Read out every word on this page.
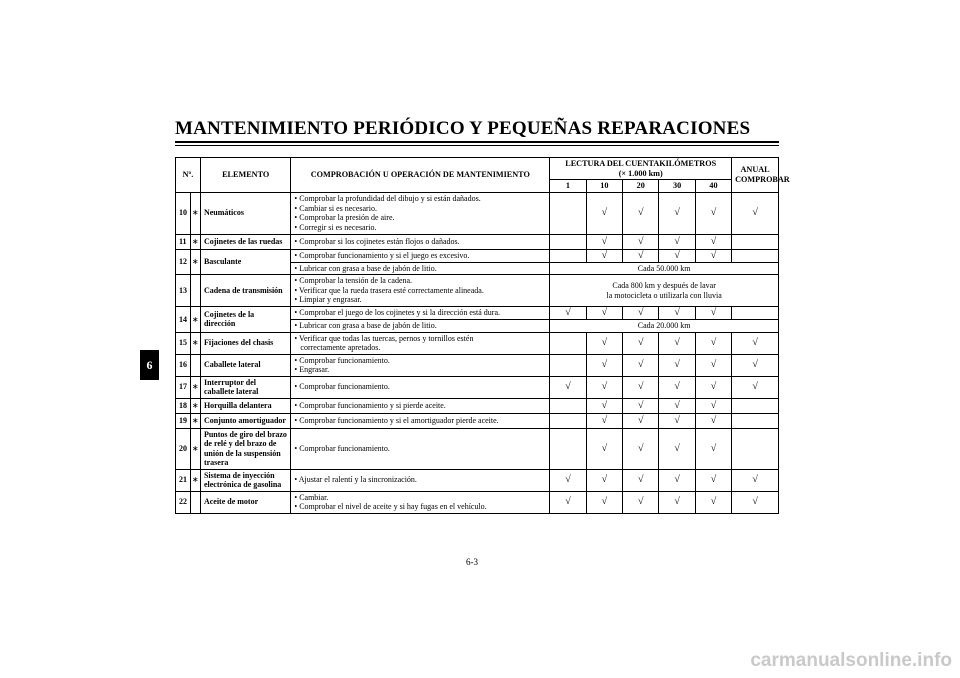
MANTENIMIENTO PERIÓDICO Y PEQUEÑAS REPARACIONES
6
Nº.		ELEMENTO	COMPROBACIÓN U OPERACIÓN DE MANTENIMIENTO	LECTURA DEL CUENTAKILÓMETROS
(× 1.000 km)					ANUAL
COMPROBAR

				1	10	20	30	40	
10	∗	Neumáticos	• Comprobar la profundidad del dibujo y si están dañados.
• Cambiar si es necesario.
• Comprobar la presión de aire.
• Corregir si es necesario.		√	√	√	√	√
11	∗	Cojinetes de las ruedas	• Comprobar si los cojinetes están flojos o dañados.		√	√	√	√	
12	∗	Basculante	• Comprobar funcionamiento y si el juego es excesivo.		√	√	√	√	

			• Lubricar con grasa a base de jabón de litio.	Cada 50.000 km					
13		Cadena de transmisión	• Comprobar la tensión de la cadena.
• Verificar que la rueda trasera esté correctamente alineada.
• Limpiar y engrasar.	Cada 800 km y después de lavar
la motocicleta o utilizarla con lluvia					

14	∗	Cojinetes de la dirección	• Comprobar el juego de los cojinetes y si la dirección está dura.	√	√	√	√	√	

			• Lubricar con grasa a base de jabón de litio.	Cada 20.000 km					
15	∗	Fijaciones del chasis	• Verificar que todas las tuercas, pernos y tornillos estén
correctamente apretados.		√	√	√	√	√
16		Caballete lateral	• Comprobar funcionamiento.
• Engrasar.		√	√	√	√	√
17	∗	Interruptor del caballete lateral	• Comprobar funcionamiento.	√	√	√	√	√	√
18	∗	Horquilla delantera	• Comprobar funcionamiento y si pierde aceite.		√	√	√	√	
19	∗	Conjunto amortiguador	• Comprobar funcionamiento y si el amortiguador pierde aceite.		√	√	√	√	
20	∗	Puntos de giro del brazo de relé y del brazo de unión de la suspensión trasera	• Comprobar funcionamiento.		√	√	√	√	
21	∗	Sistema de inyección electrónica de gasolina	• Ajustar el ralentí y la sincronización.	√	√	√	√	√	√
22		Aceite de motor	• Cambiar.
• Comprobar el nivel de aceite y si hay fugas en el vehículo.	√	√	√	√	√	√
6-3
carmanualsonline.info
